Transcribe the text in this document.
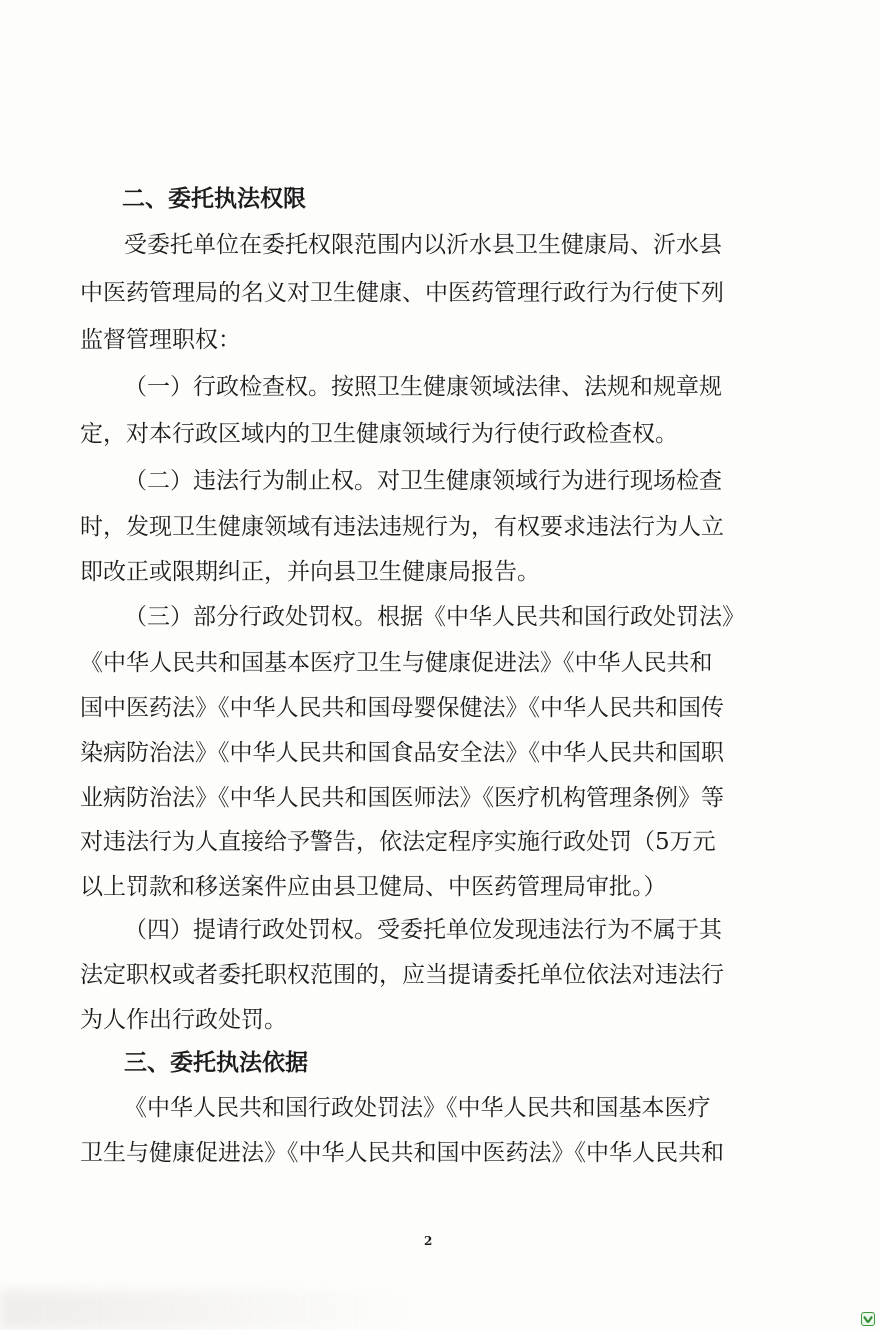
二、委托执法权限
受委托单位在委托权限范围内以沂水县卫生健康局、沂水县
中医药管理局的名义对卫生健康、中医药管理行政行为行使下列
监督管理职权：
（一）行政检查权。按照卫生健康领域法律、法规和规章规
定，对本行政区域内的卫生健康领域行为行使行政检查权。
（二）违法行为制止权。对卫生健康领域行为进行现场检查
时，发现卫生健康领域有违法违规行为，有权要求违法行为人立
即改正或限期纠正，并向县卫生健康局报告。
（三）部分行政处罚权。根据《中华人民共和国行政处罚法》
《中华人民共和国基本医疗卫生与健康促进法》《中华人民共和
国中医药法》《中华人民共和国母婴保健法》《中华人民共和国传
染病防治法》《中华人民共和国食品安全法》《中华人民共和国职
业病防治法》《中华人民共和国医师法》《医疗机构管理条例》等
对违法行为人直接给予警告，依法定程序实施行政处罚（5万元
以上罚款和移送案件应由县卫健局、中医药管理局审批。）
（四）提请行政处罚权。受委托单位发现违法行为不属于其
法定职权或者委托职权范围的，应当提请委托单位依法对违法行
为人作出行政处罚。
三、委托执法依据
《中华人民共和国行政处罚法》《中华人民共和国基本医疗
卫生与健康促进法》《中华人民共和国中医药法》《中华人民共和
2
